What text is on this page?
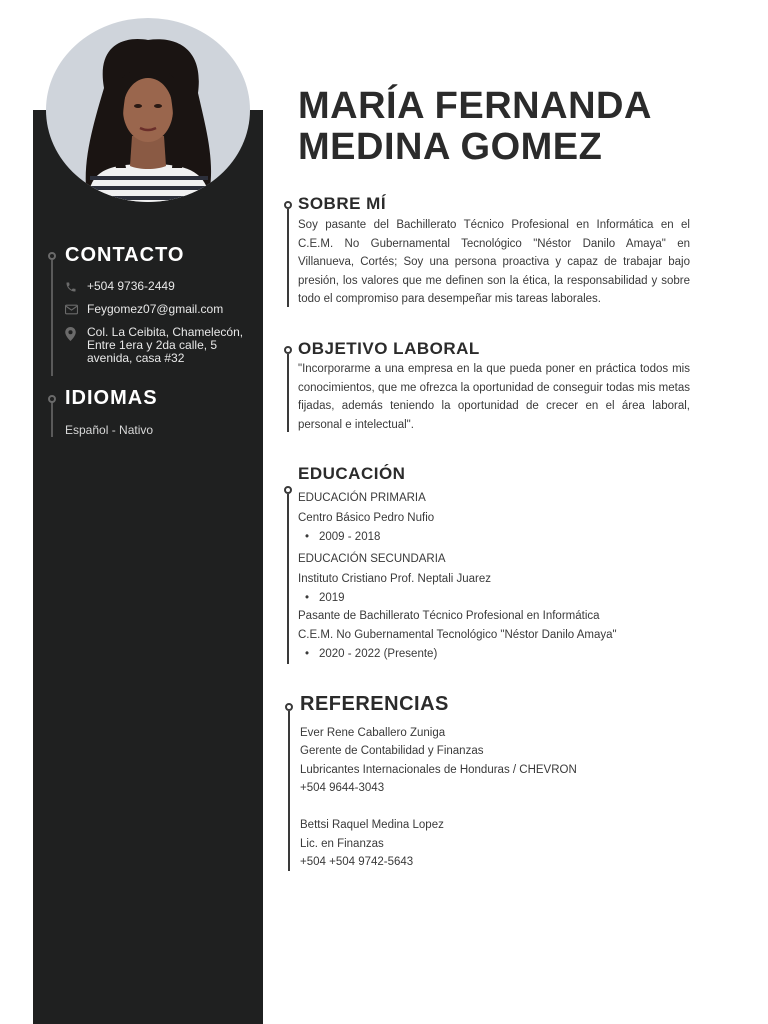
CONTACTO
+504 9736-2449
Feygomez07@gmail.com
Col. La Ceibita, Chamelecón, Entre 1era y 2da calle, 5 avenida, casa #32
IDIOMAS
Español - Nativo
MARÍA FERNANDA
MEDINA GOMEZ
SOBRE MÍ
Soy pasante del Bachillerato Técnico Profesional en Informática en el C.E.M. No Gubernamental Tecnológico "Néstor Danilo Amaya" en Villanueva, Cortés; Soy una persona proactiva y capaz de trabajar bajo presión, los valores que me definen son la ética, la responsabilidad y sobre todo el compromiso para desempeñar mis tareas laborales.
OBJETIVO LABORAL
"Incorporarme a una empresa en la que pueda poner en práctica todos mis conocimientos, que me ofrezca la oportunidad de conseguir todas mis metas fijadas, además teniendo la oportunidad de crecer en el área laboral, personal e intelectual".
EDUCACIÓN
EDUCACIÓN PRIMARIA
Centro Básico Pedro Nufio
• 2009 - 2018
EDUCACIÓN SECUNDARIA
Instituto Cristiano Prof. Neptali Juarez
• 2019
Pasante de Bachillerato Técnico Profesional en Informática
C.E.M. No Gubernamental Tecnológico "Néstor Danilo Amaya"
• 2020 - 2022 (Presente)
REFERENCIAS
Ever Rene Caballero Zuniga
Gerente de Contabilidad y Finanzas
Lubricantes Internacionales de Honduras / CHEVRON
+504 9644-3043
Bettsi Raquel Medina Lopez
Lic. en Finanzas
+504 +504 9742-5643
